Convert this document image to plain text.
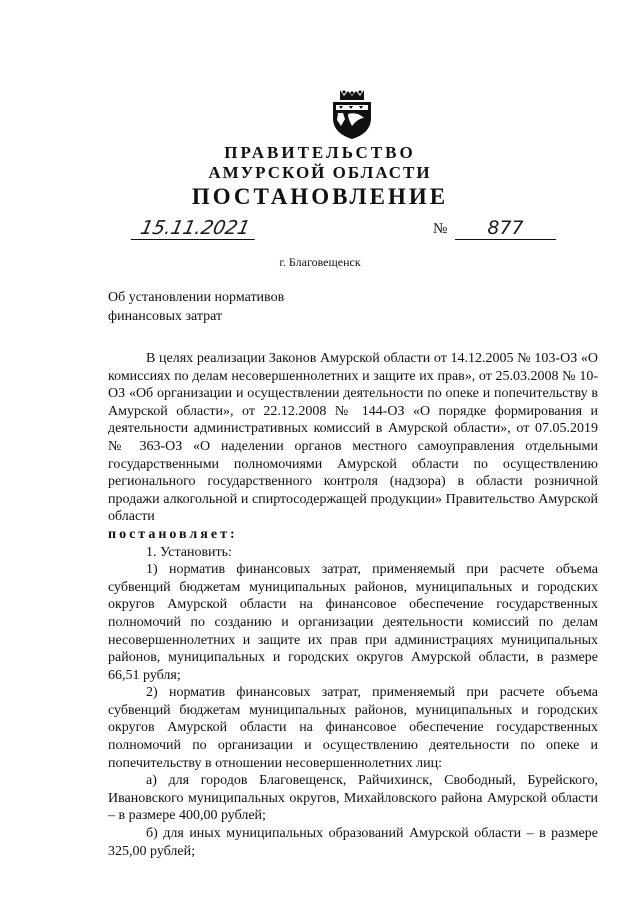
ПРАВИТЕЛЬСТВО
АМУРСКОЙ ОБЛАСТИ
ПОСТАНОВЛЕНИЕ
15.11.2021	№	877
г. Благовещенск
Об установлении нормативов
финансовых затрат

В целях реализации Законов Амурской области от 14.12.2005 № 103-ОЗ «О комиссиях по делам несовершеннолетних и защите их прав», от 25.03.2008 № 10-ОЗ «Об организации и осуществлении деятельности по опеке и попечительству в Амурской области», от 22.12.2008 № 144-ОЗ «О порядке формирования и деятельности административных комиссий в Амурской области», от 07.05.2019 № 363-ОЗ «О наделении органов местного самоуправления отдельными государственными полномочиями Амурской области по осуществлению регионального государственного контроля (надзора) в области розничной продажи алкогольной и спиртосодержащей продукции» Правительство Амурской области

постановляет:

1. Установить:

1) норматив финансовых затрат, применяемый при расчете объема субвенций бюджетам муниципальных районов, муниципальных и городских округов Амурской области на финансовое обеспечение государственных полномочий по созданию и организации деятельности комиссий по делам несовершеннолетних и защите их прав при администрациях муниципальных районов, муниципальных и городских округов Амурской области, в размере 66,51 рубля;

2) норматив финансовых затрат, применяемый при расчете объема субвенций бюджетам муниципальных районов, муниципальных и городских округов Амурской области на финансовое обеспечение государственных полномочий по организации и осуществлению деятельности по опеке и попечительству в отношении несовершеннолетних лиц:

а) для городов Благовещенск, Райчихинск, Свободный, Бурейского, Ивановского муниципальных округов, Михайловского района Амурской области – в размере 400,00 рублей;

б) для иных муниципальных образований Амурской области – в размере 325,00 рублей;
